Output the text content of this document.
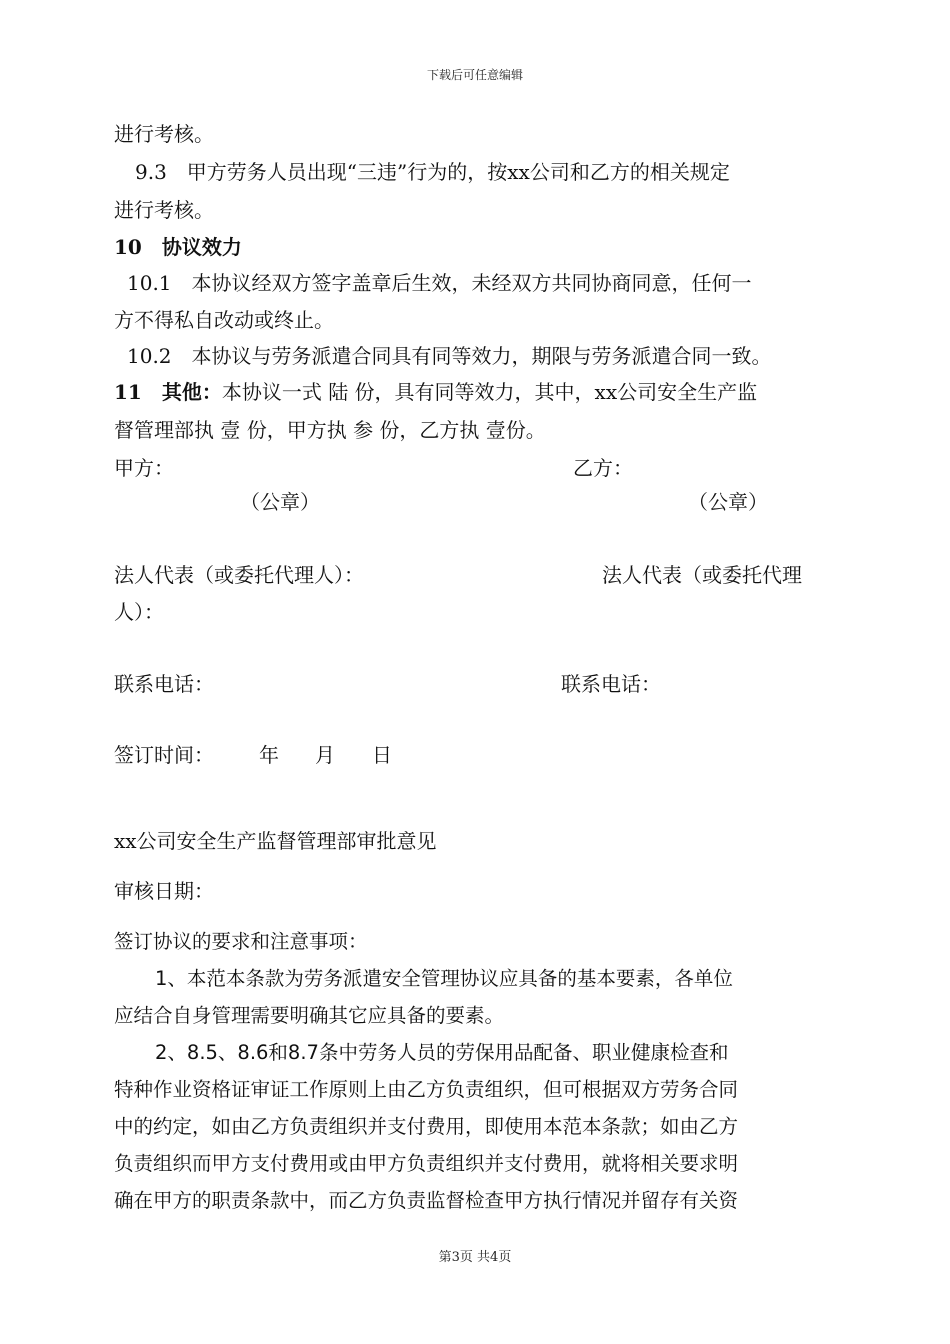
下载后可任意编辑
进行考核。
9.3　甲方劳务人员出现“三违”行为的，按xx公司和乙方的相关规定
进行考核。
10　协议效力
10.1　本协议经双方签字盖章后生效，未经双方共同协商同意，任何一
方不得私自改动或终止。
10.2　本协议与劳务派遣合同具有同等效力，期限与劳务派遣合同一致。
11　其他：本协议一式 陆 份，具有同等效力，其中，xx公司安全生产监
督管理部执 壹 份，甲方执 参 份，乙方执 壹份。
甲方：	乙方：
（公章）	（公章）
法人代表（或委托代理人）：	法人代表（或委托代理
人）：
联系电话：	联系电话：
签订时间： 年 月 日
xx公司安全生产监督管理部审批意见
审核日期：
签订协议的要求和注意事项：
1、本范本条款为劳务派遣安全管理协议应具备的基本要素，各单位
应结合自身管理需要明确其它应具备的要素。
2、8.5、8.6和8.7条中劳务人员的劳保用品配备、职业健康检查和
特种作业资格证审证工作原则上由乙方负责组织，但可根据双方劳务合同
中的约定，如由乙方负责组织并支付费用，即使用本范本条款；如由乙方
负责组织而甲方支付费用或由甲方负责组织并支付费用，就将相关要求明
确在甲方的职责条款中，而乙方负责监督检查甲方执行情况并留存有关资
第3页 共4页
